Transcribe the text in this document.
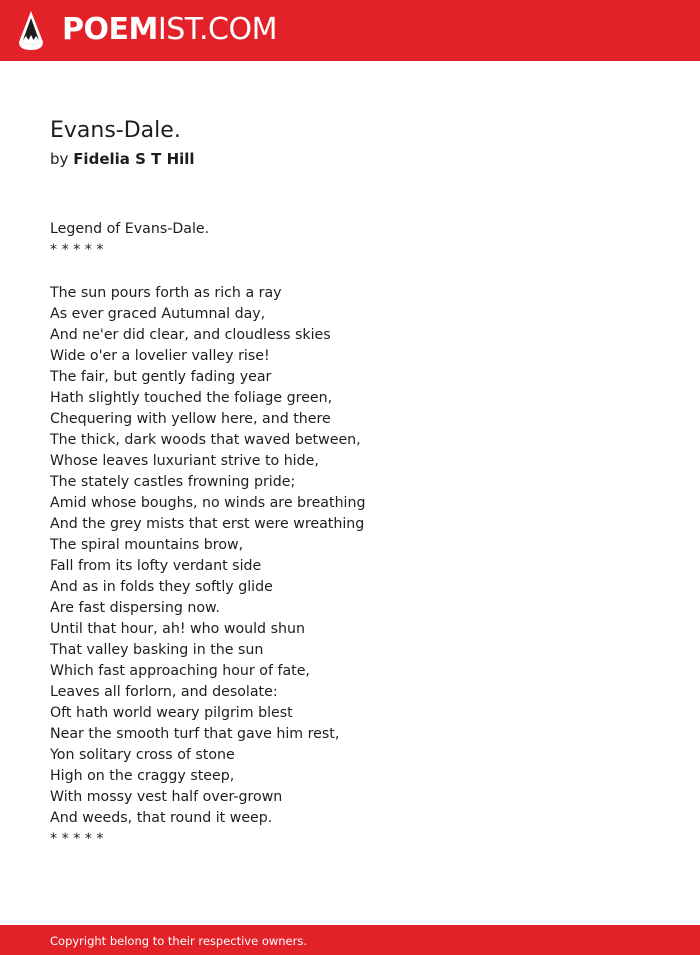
POEMIST.COM
Evans-Dale.
by Fidelia S T Hill
Legend of Evans-Dale.
* * * * *
The sun pours forth as rich a ray
As ever graced Autumnal day,
And ne'er did clear, and cloudless skies
Wide o'er a lovelier valley rise!
The fair, but gently fading year
Hath slightly touched the foliage green,
Chequering with yellow here, and there
The thick, dark woods that waved between,
Whose leaves luxuriant strive to hide,
The stately castles frowning pride;
Amid whose boughs, no winds are breathing
And the grey mists that erst were wreathing
The spiral mountains brow,
Fall from its lofty verdant side
And as in folds they softly glide
Are fast dispersing now.
Until that hour, ah! who would shun
That valley basking in the sun
Which fast approaching hour of fate,
Leaves all forlorn, and desolate:
Oft hath world weary pilgrim blest
Near the smooth turf that gave him rest,
Yon solitary cross of stone
High on the craggy steep,
With mossy vest half over-grown
And weeds, that round it weep.
* * * * *
Copyright belong to their respective owners.
